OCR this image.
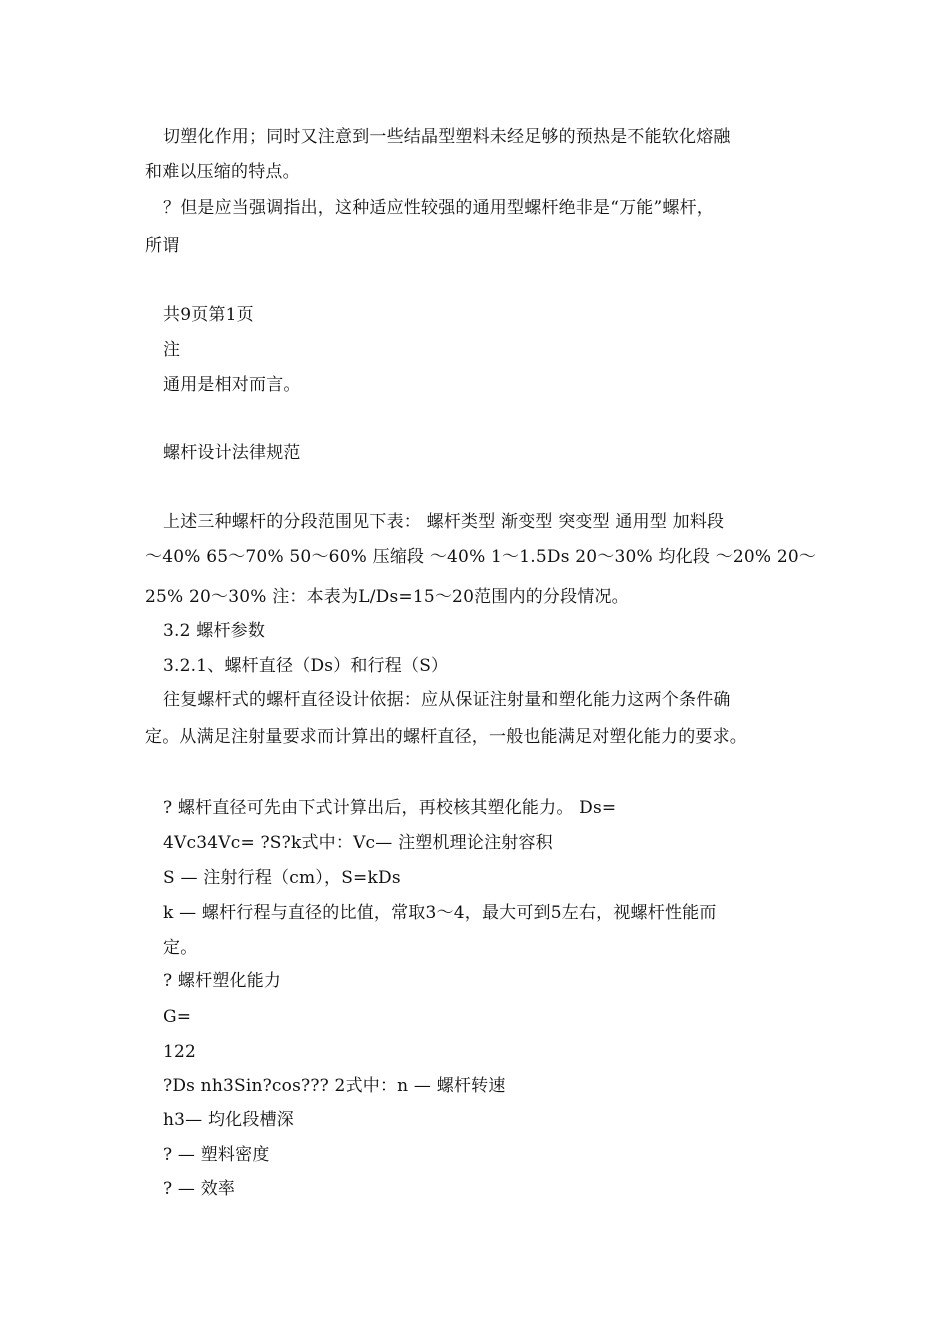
切塑化作用；同时又注意到一些结晶型塑料未经足够的预热是不能软化熔融
和难以压缩的特点。
？但是应当强调指出，这种适应性较强的通用型螺杆绝非是“万能”螺杆，
所谓
共9页第1页
注
通用是相对而言。
螺杆设计法律规范
上述三种螺杆的分段范围见下表： 螺杆类型 渐变型 突变型 通用型 加料段
～40% 65～70% 50～60% 压缩段 ～40% 1～1.5Ds 20～30% 均化段 ～20% 20～
25% 20～30% 注：本表为L/Ds=15～20范围内的分段情况。
3.2 螺杆参数
3.2.1、螺杆直径（Ds）和行程（S）
往复螺杆式的螺杆直径设计依据：应从保证注射量和塑化能力这两个条件确
定。从满足注射量要求而计算出的螺杆直径，一般也能满足对塑化能力的要求。
? 螺杆直径可先由下式计算出后，再校核其塑化能力。 Ds=
4Vc34Vc= ?S?k式中：Vc— 注塑机理论注射容积
S — 注射行程（cm），S=kDs
k — 螺杆行程与直径的比值，常取3～4，最大可到5左右，视螺杆性能而
定。
? 螺杆塑化能力
G=
122
?Ds nh3Sin?cos??? 2式中：n — 螺杆转速
h3— 均化段槽深
? — 塑料密度
? — 效率
